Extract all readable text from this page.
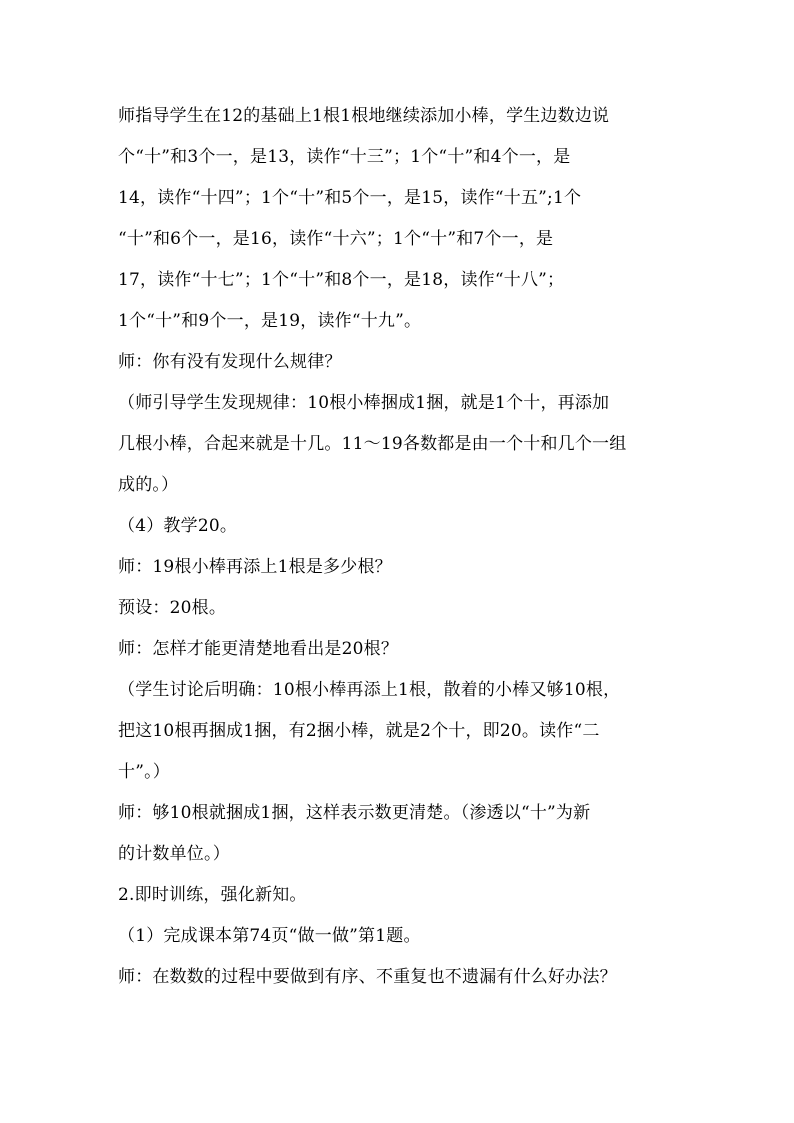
师指导学生在12的基础上1根1根地继续添加小棒，学生边数边说
个“十”和3个一，是13，读作“十三”；1个“十”和4个一，是
14，读作“十四”；1个“十”和5个一，是15，读作“十五”;1个
“十”和6个一，是16，读作“十六”；1个“十”和7个一，是
17，读作“十七”；1个“十”和8个一，是18，读作“十八”；
1个“十”和9个一，是19，读作“十九”。
师：你有没有发现什么规律？
（师引导学生发现规律：10根小棒捆成1捆，就是1个十，再添加
几根小棒，合起来就是十几。11～19各数都是由一个十和几个一组
成的。）
（4）教学20。
师：19根小棒再添上1根是多少根？
预设：20根。
师：怎样才能更清楚地看出是20根？
（学生讨论后明确：10根小棒再添上1根，散着的小棒又够10根，
把这10根再捆成1捆，有2捆小棒，就是2个十，即20。读作“二
十”。）
师：够10根就捆成1捆，这样表示数更清楚。（渗透以“十”为新
的计数单位。）
2.即时训练，强化新知。
（1）完成课本第74页“做一做”第1题。
师：在数数的过程中要做到有序、不重复也不遗漏有什么好办法？
